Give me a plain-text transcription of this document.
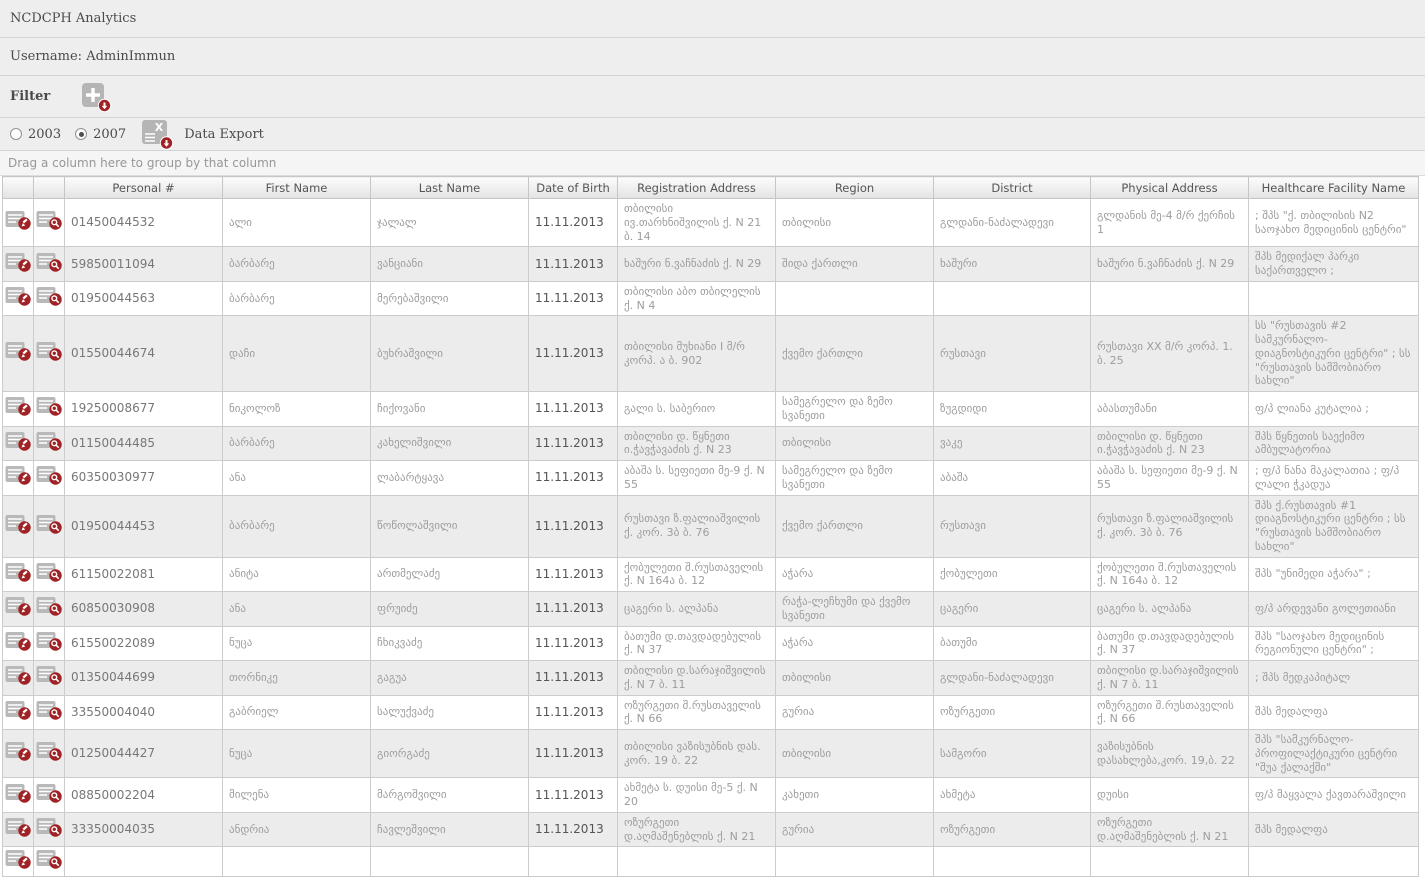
NCDCPH Analytics
Username: AdminImmun
Filter
2003 2007	X Data Export
Drag a column here to group by that column
		Personal #	First Name	Last Name	Date of Birth	Registration Address	Region	District	Physical Address	Healthcare Facility Name
		01450044532	ალი	ჯალალ	11.11.2013	თბილისი ივ.თარხნიშვილის ქ. N 21 ბ. 14	თბილისი	გლდანი-ნაძალადევი	გლდანის მე-4 მ/რ ქერჩის 1	; შპს "ქ. თბილისის N2 საოჯახო მედიცინის ცენტრი"
		59850011094	ბარბარე	ვანციანი	11.11.2013	ხაშური ნ.ვაჩნაძის ქ. N 29	შიდა ქართლი	ხაშური	ხაშური ნ.ვაჩნაძის ქ. N 29	შპს მედიქალ პარკი საქართველო ;
		01950044563	ბარბარე	მერებაშვილი	11.11.2013	თბილისი აბო თბილელის ქ. N 4				
		01550044674	დაჩი	ბუხრაშვილი	11.11.2013	თბილისი მუხიანი I მ/რ კორპ. ა ბ. 902	ქვემო ქართლი	რუსთავი	რუსთავი XX მ/რ კორპ. 1. ბ. 25	სს "რუსთავის #2 სამკურნალო-დიაგნოსტიკური ცენტრი" ; სს "რუსთავის სამშობიარო სახლი"
		19250008677	ნიკოლოზ	ჩიქოვანი	11.11.2013	გალი ს. საბერიო	სამეგრელო და ზემო სვანეთი	ზუგდიდი	აბასთუმანი	ფ/პ ლიანა კუტალია ;
		01150044485	ბარბარე	კახელიშვილი	11.11.2013	თბილისი დ. წყნეთი ი.ჭავჭავაძის ქ. N 23	თბილისი	ვაკე	თბილისი დ. წყნეთი ი.ჭავჭავაძის ქ. N 23	შპს წყნეთის საექიმო ამბულატორია
		60350030977	ანა	ლაბარტყავა	11.11.2013	აბაშა ს. სეფიეთი მე-9 ქ. N 55	სამეგრელო და ზემო სვანეთი	აბაშა	აბაშა ს. სეფიეთი მე-9 ქ. N 55	; ფ/პ ნანა მაკალათია ; ფ/პ ლალი ჭკადუა
		01950044453	ბარბარე	წოწოლაშვილი	11.11.2013	რუსთავი ზ.ფალიაშვილის ქ. კორ. 3ბ ბ. 76	ქვემო ქართლი	რუსთავი	რუსთავი ზ.ფალიაშვილის ქ. კორ. 3ბ ბ. 76	შპს ქ.რუსთავის #1 დიაგნოსტიკური ცენტრი ; სს "რუსთავის სამშობიარო სახლი"
		61150022081	ანიტა	ართმელაძე	11.11.2013	ქობულეთი შ.რუსთაველის ქ. N 164ა ბ. 12	აჭარა	ქობულეთი	ქობულეთი შ.რუსთაველის ქ. N 164ა ბ. 12	შპს "უნიმედი აჭარა" ;
		60850030908	ანა	ფრუიძე	11.11.2013	ცაგერი ს. ალპანა	რაჭა-ლეჩხუმი და ქვემო სვანეთი	ცაგერი	ცაგერი ს. ალპანა	ფ/პ არდევანი გოლეთიანი
		61550022089	ნუცა	ჩხიკვაძე	11.11.2013	ბათუმი დ.თავდადებულის ქ. N 37	აჭარა	ბათუმი	ბათუმი დ.თავდადებულის ქ. N 37	შპს "საოჯახო მედიცინის რეგიონული ცენტრი" ;
		01350044699	თორნიკე	გაგუა	11.11.2013	თბილისი დ.სარაჯიშვილის ქ. N 7 ბ. 11	თბილისი	გლდანი-ნაძალადევი	თბილისი დ.სარაჯიშვილის ქ. N 7 ბ. 11	; შპს მედკაპიტალ
		33550004040	გაბრიელ	სალუქვაძე	11.11.2013	ოზურგეთი შ.რუსთაველის ქ. N 66	გურია	ოზურგეთი	ოზურგეთი შ.რუსთაველის ქ. N 66	შპს მედალფა
		01250044427	ნუცა	გიორგაძე	11.11.2013	თბილისი ვაზისუბნის დას. კორ. 19 ბ. 22	თბილისი	სამგორი	ვაზისუბნის დასახლება,კორ. 19,ბ. 22	შპს "სამკურნალო-პროფილაქტიკური ცენტრი "შუა ქალაქში"
		08850002204	მილენა	მარგოშვილი	11.11.2013	ახმეტა ს. დუისი მე-5 ქ. N 20	კახეთი	ახმეტა	დუისი	ფ/პ მაყვალა ქავთარაშვილი
		33350004035	ანდრია	ჩავლეშვილი	11.11.2013	ოზურგეთი დ.აღმაშენებლის ქ. N 21	გურია	ოზურგეთი	ოზურგეთი დ.აღმაშენებლის ქ. N 21	შპს მედალფა
